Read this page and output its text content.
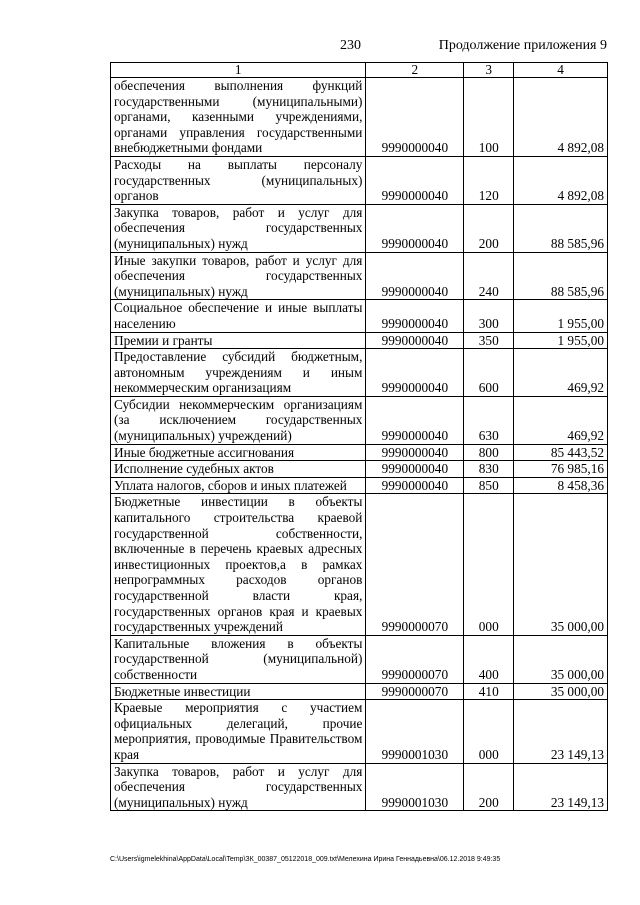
230	Продолжение приложения 9
1	2	3	4
обеспечения выполнения функций государственными (муниципальными) органами, казенными учреждениями, органами управления государственными внебюджетными фондами	9990000040	100	4 892,08
Расходы на выплаты персоналу государственных (муниципальных) органов	9990000040	120	4 892,08
Закупка товаров, работ и услуг для обеспечения государственных (муниципальных) нужд	9990000040	200	88 585,96
Иные закупки товаров, работ и услуг для обеспечения государственных (муниципальных) нужд	9990000040	240	88 585,96
Социальное обеспечение и иные выплаты населению	9990000040	300	1 955,00
Премии и гранты	9990000040	350	1 955,00
Предоставление субсидий бюджетным, автономным учреждениям и иным некоммерческим организациям	9990000040	600	469,92
Субсидии некоммерческим организациям (за исключением государственных (муниципальных) учреждений)	9990000040	630	469,92
Иные бюджетные ассигнования	9990000040	800	85 443,52
Исполнение судебных актов	9990000040	830	76 985,16
Уплата налогов, сборов и иных платежей	9990000040	850	8 458,36
Бюджетные инвестиции в объекты капитального строительства краевой государственной собственности, включенные в перечень краевых адресных инвестиционных проектов,а в рамках непрограммных расходов органов государственной власти края, государственных органов края и краевых государственных учреждений	9990000070	000	35 000,00
Капитальные вложения в объекты государственной (муниципальной) собственности	9990000070	400	35 000,00
Бюджетные инвестиции	9990000070	410	35 000,00
Краевые мероприятия с участием официальных делегаций, прочие мероприятия, проводимые Правительством края	9990001030	000	23 149,13
Закупка товаров, работ и услуг для обеспечения государственных (муниципальных) нужд	9990001030	200	23 149,13
C:\Users\igmelekhina\AppData\Local\Temp\ЗК_00387_05122018_009.txt\Мелехина Ирина Геннадьевна\06.12.2018 9:49:35
